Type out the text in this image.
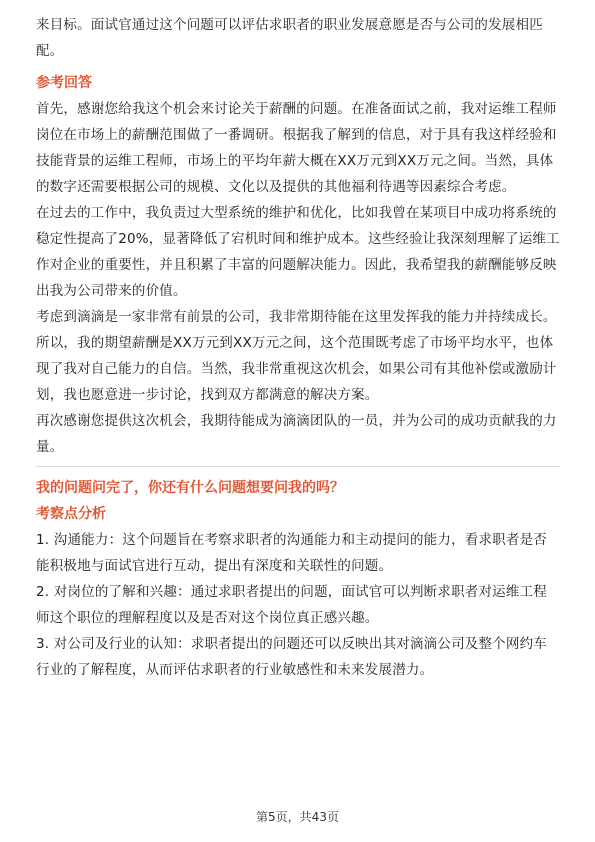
来目标。面试官通过这个问题可以评估求职者的职业发展意愿是否与公司的发展相匹配。

参考回答

首先，感谢您给我这个机会来讨论关于薪酬的问题。在准备面试之前，我对运维工程师岗位在市场上的薪酬范围做了一番调研。根据我了解到的信息，对于具有我这样经验和技能背景的运维工程师，市场上的平均年薪大概在XX万元到XX万元之间。当然，具体的数字还需要根据公司的规模、文化以及提供的其他福利待遇等因素综合考虑。

在过去的工作中，我负责过大型系统的维护和优化，比如我曾在某项目中成功将系统的稳定性提高了20%，显著降低了宕机时间和维护成本。这些经验让我深刻理解了运维工作对企业的重要性，并且积累了丰富的问题解决能力。因此，我希望我的薪酬能够反映出我为公司带来的价值。

考虑到滴滴是一家非常有前景的公司，我非常期待能在这里发挥我的能力并持续成长。所以，我的期望薪酬是XX万元到XX万元之间，这个范围既考虑了市场平均水平，也体现了我对自己能力的自信。当然，我非常重视这次机会，如果公司有其他补偿或激励计划，我也愿意进一步讨论，找到双方都满意的解决方案。

再次感谢您提供这次机会，我期待能成为滴滴团队的一员，并为公司的成功贡献我的力量。

我的问题问完了，你还有什么问题想要问我的吗？

考察点分析

1. 沟通能力：这个问题旨在考察求职者的沟通能力和主动提问的能力，看求职者是否能积极地与面试官进行互动，提出有深度和关联性的问题。

2. 对岗位的了解和兴趣：通过求职者提出的问题，面试官可以判断求职者对运维工程师这个职位的理解程度以及是否对这个岗位真正感兴趣。

3. 对公司及行业的认知：求职者提出的问题还可以反映出其对滴滴公司及整个网约车行业的了解程度，从而评估求职者的行业敏感性和未来发展潜力。

第5页，共43页
